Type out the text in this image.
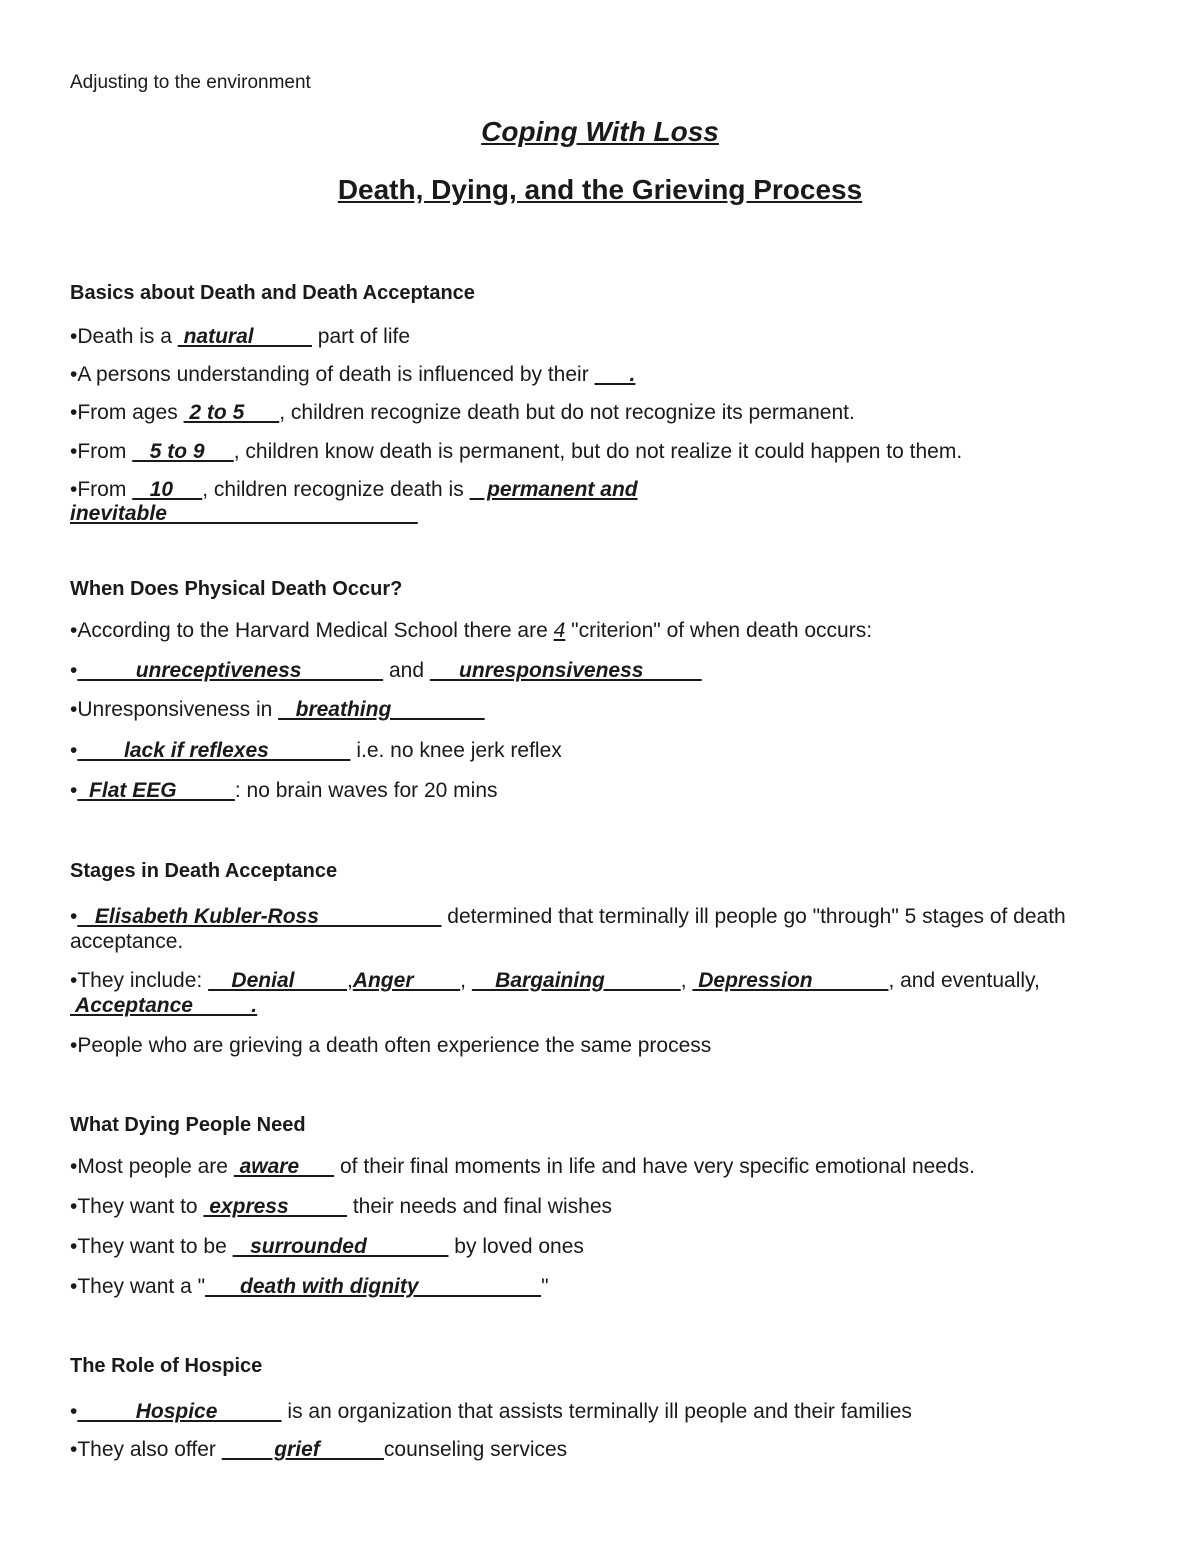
Adjusting to the environment
Coping With Loss
Death, Dying, and the Grieving Process
Basics about Death and Death Acceptance
•Death is a  natural           part of life
•A persons understanding of death is influenced by their       .
•From ages  2 to 5      , children recognize death but do not recognize its permanent.
•From    5 to 9     , children know death is permanent, but do not realize it could happen to them.
•From    10     , children recognize death is    permanent and
inevitable
When Does Physical Death Occur?
•According to the Harvard Medical School there are 4 "criterion" of when death occurs:
•          unreceptiveness               and      unresponsiveness
•Unresponsiveness in    breathing
•        lack if reflexes               i.e. no knee jerk reflex
•  Flat EEG          : no brain waves for 20 mins
Stages in Death Acceptance
•   Elisabeth Kubler-Ross                      determined that terminally ill people go "through" 5 stages of death acceptance.
•They include:     Denial         ,Anger        ,     Bargaining             ,  Depression             , and eventually,  Acceptance          .
•People who are grieving a death often experience the same process
What Dying People Need
•Most people are  aware       of their final moments in life and have very specific emotional needs.
•They want to  express           their needs and final wishes
•They want to be    surrounded               by loved ones
•They want a "      death with dignity                     "
The Role of Hospice
•          Hospice            is an organization that assists terminally ill people and their families
•They also offer          grief           counseling services
